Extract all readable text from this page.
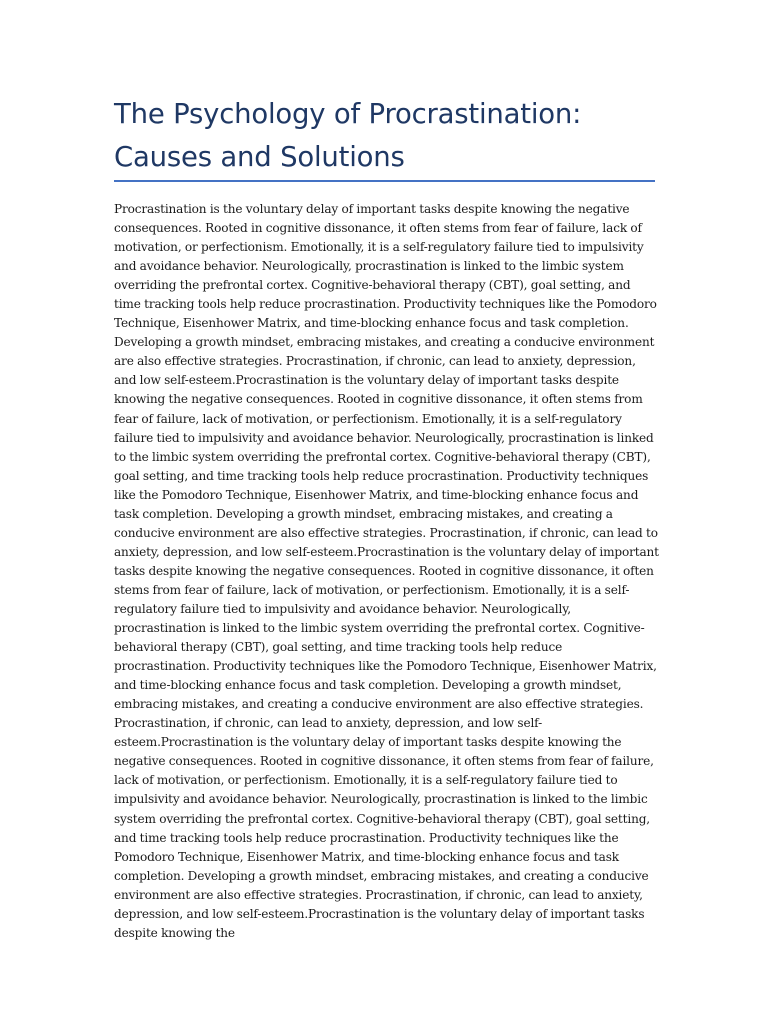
The Psychology of Procrastination: Causes and Solutions

Procrastination is the voluntary delay of important tasks despite knowing the negative consequences. Rooted in cognitive dissonance, it often stems from fear of failure, lack of motivation, or perfectionism. Emotionally, it is a self-regulatory failure tied to impulsivity and avoidance behavior. Neurologically, procrastination is linked to the limbic system overriding the prefrontal cortex. Cognitive-behavioral therapy (CBT), goal setting, and time tracking tools help reduce procrastination. Productivity techniques like the Pomodoro Technique, Eisenhower Matrix, and time-blocking enhance focus and task completion. Developing a growth mindset, embracing mistakes, and creating a conducive environment are also effective strategies. Procrastination, if chronic, can lead to anxiety, depression, and low self-esteem.Procrastination is the voluntary delay of important tasks despite knowing the negative consequences. Rooted in cognitive dissonance, it often stems from fear of failure, lack of motivation, or perfectionism. Emotionally, it is a self-regulatory failure tied to impulsivity and avoidance behavior. Neurologically, procrastination is linked to the limbic system overriding the prefrontal cortex. Cognitive-behavioral therapy (CBT), goal setting, and time tracking tools help reduce procrastination. Productivity techniques like the Pomodoro Technique, Eisenhower Matrix, and time-blocking enhance focus and task completion. Developing a growth mindset, embracing mistakes, and creating a conducive environment are also effective strategies. Procrastination, if chronic, can lead to anxiety, depression, and low self-esteem.Procrastination is the voluntary delay of important tasks despite knowing the negative consequences. Rooted in cognitive dissonance, it often stems from fear of failure, lack of motivation, or perfectionism. Emotionally, it is a self-regulatory failure tied to impulsivity and avoidance behavior. Neurologically, procrastination is linked to the limbic system overriding the prefrontal cortex. Cognitive-behavioral therapy (CBT), goal setting, and time tracking tools help reduce procrastination. Productivity techniques like the Pomodoro Technique, Eisenhower Matrix, and time-blocking enhance focus and task completion. Developing a growth mindset, embracing mistakes, and creating a conducive environment are also effective strategies. Procrastination, if chronic, can lead to anxiety, depression, and low self-esteem.Procrastination is the voluntary delay of important tasks despite knowing the negative consequences. Rooted in cognitive dissonance, it often stems from fear of failure, lack of motivation, or perfectionism. Emotionally, it is a self-regulatory failure tied to impulsivity and avoidance behavior. Neurologically, procrastination is linked to the limbic system overriding the prefrontal cortex. Cognitive-behavioral therapy (CBT), goal setting, and time tracking tools help reduce procrastination. Productivity techniques like the Pomodoro Technique, Eisenhower Matrix, and time-blocking enhance focus and task completion. Developing a growth mindset, embracing mistakes, and creating a conducive environment are also effective strategies. Procrastination, if chronic, can lead to anxiety, depression, and low self-esteem.Procrastination is the voluntary delay of important tasks despite knowing the
